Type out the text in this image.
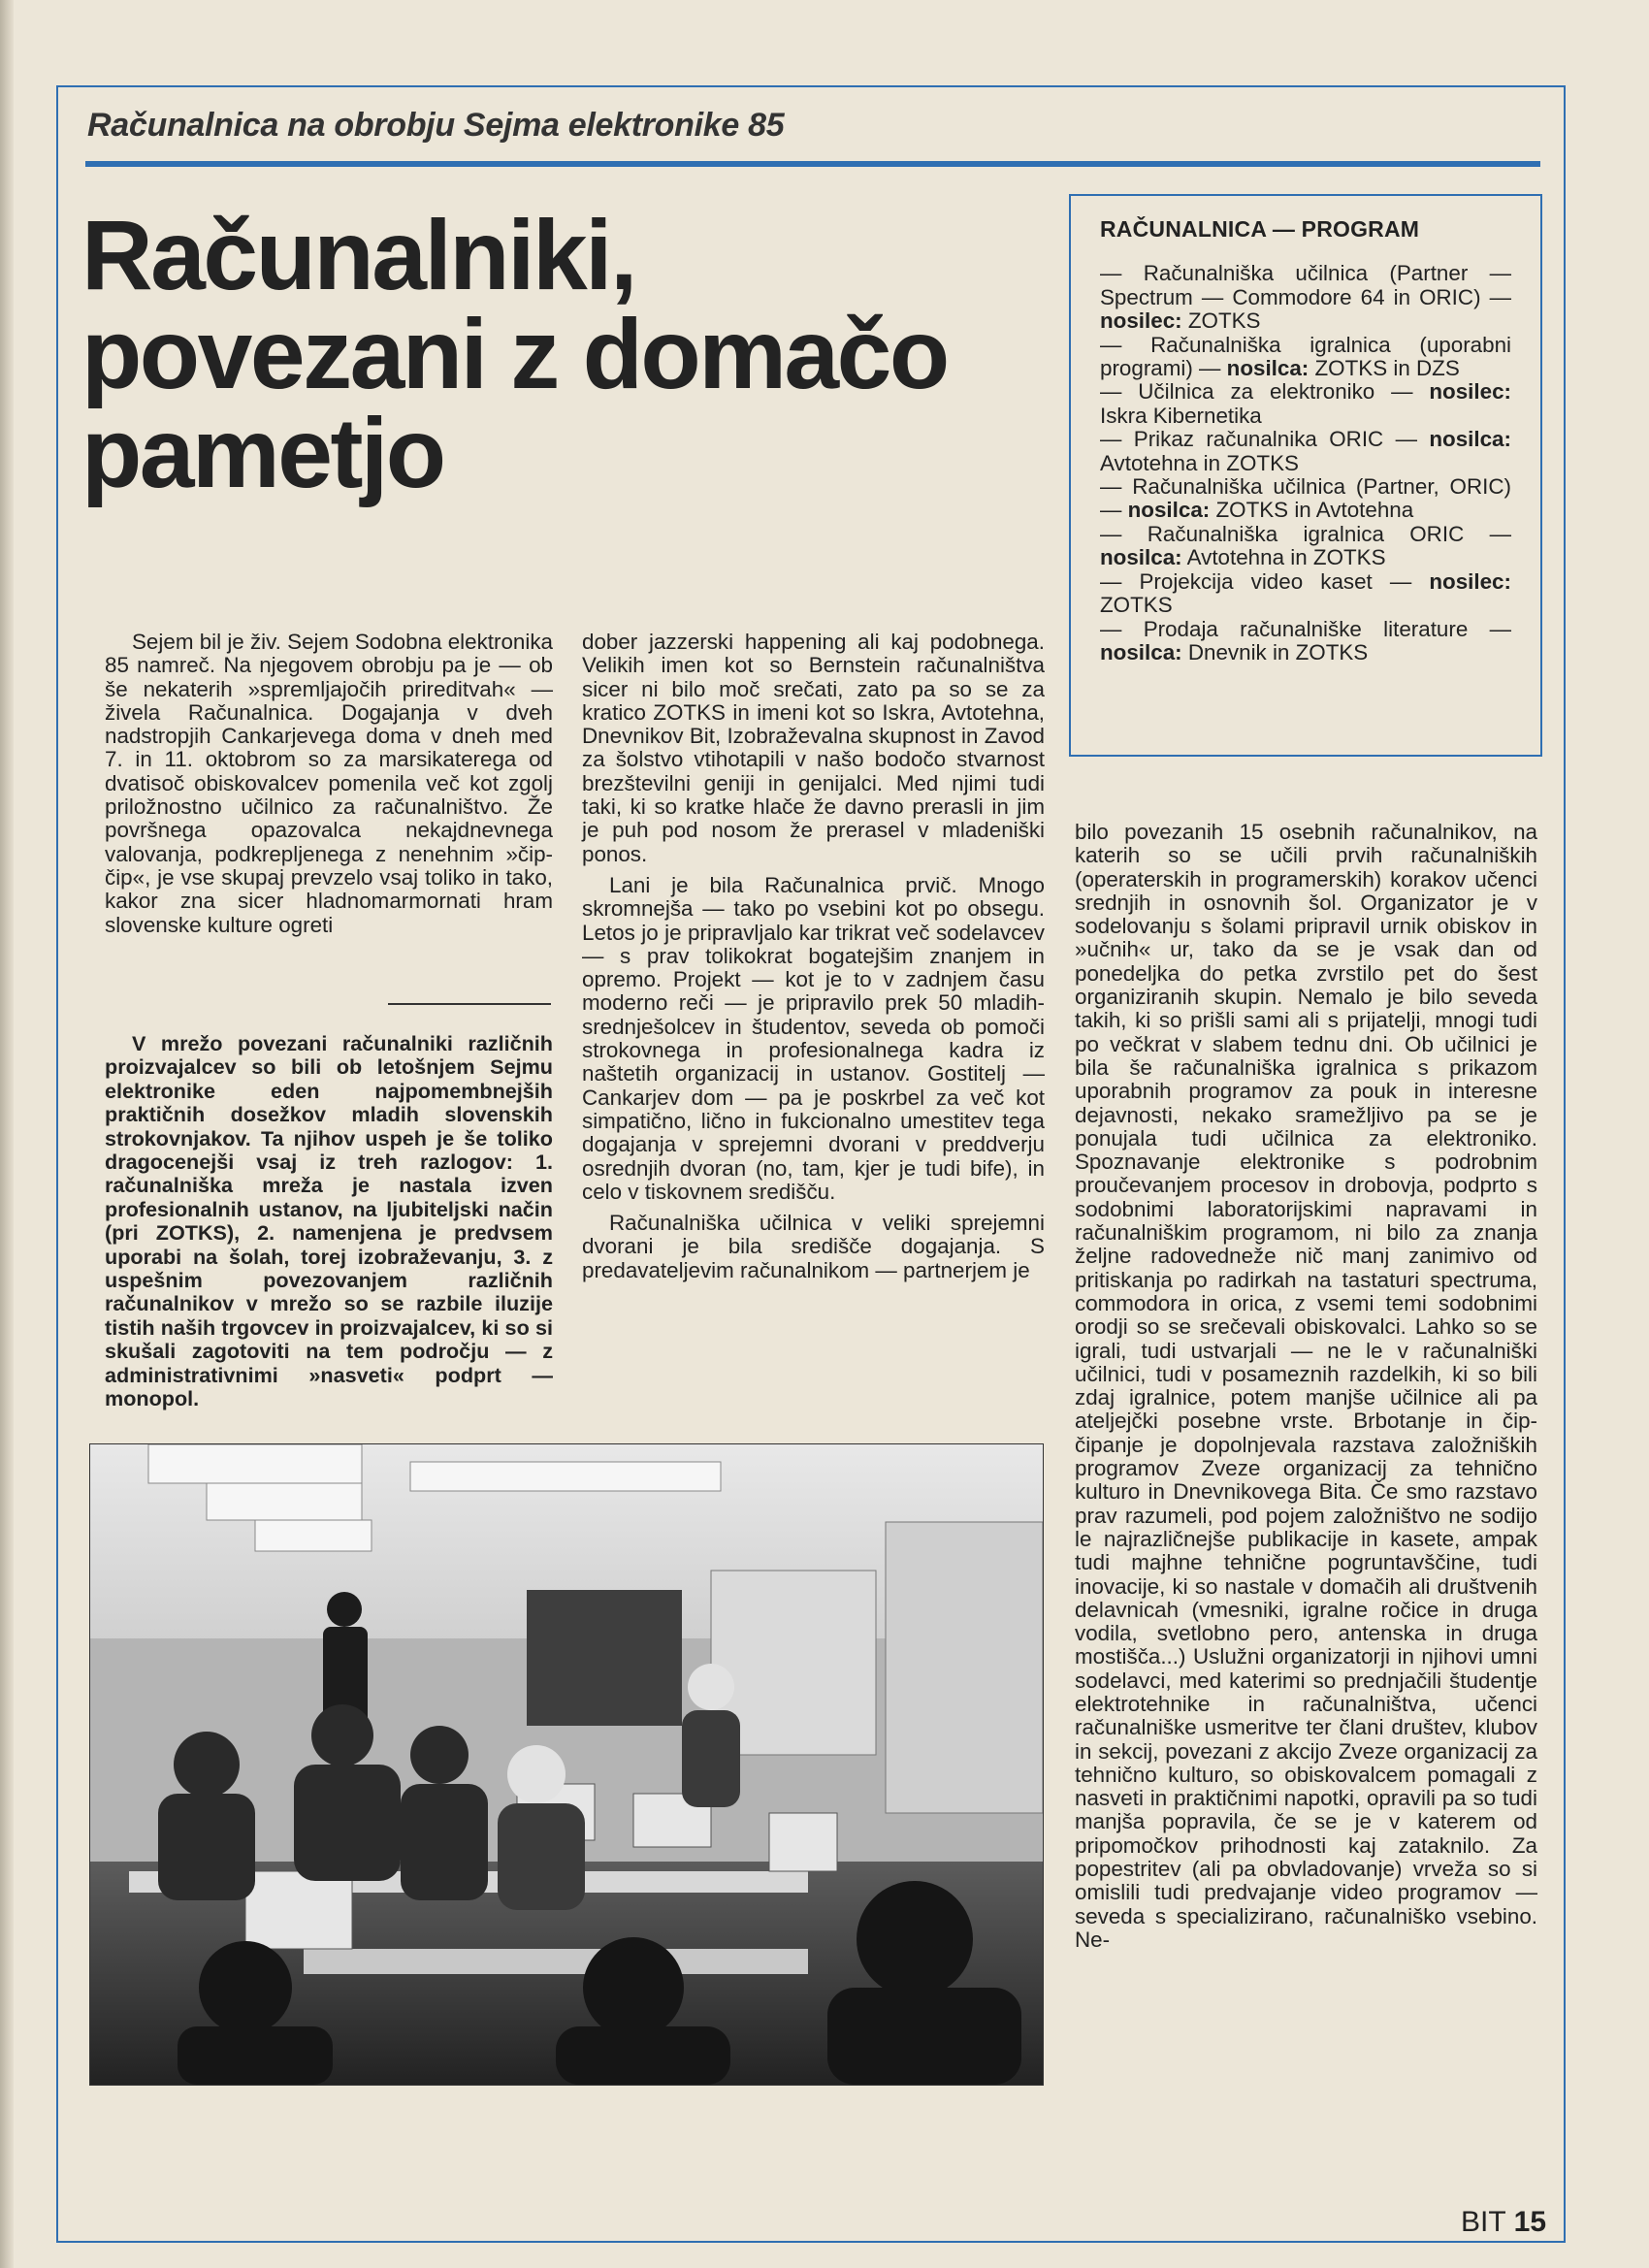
Računalnica na obrobju Sejma elektronike 85
Računalniki,
povezani z domačo
pametjo

Sejem bil je živ. Sejem Sodobna elektronika 85 namreč. Na njegovem obrobju pa je — ob še nekaterih »spremljajočih prireditvah« — živela Računalnica. Dogajanja v dveh nadstropjih Cankarjevega doma v dneh med 7. in 11. oktobrom so za marsikaterega od dvatisoč obiskovalcev pomenila več kot zgolj priložnostno učilnico za računalništvo. Že površnega opazovalca nekajdnevnega valovanja, podkrepljenega z nenehnim »čip-čip«, je vse skupaj prevzelo vsaj toliko in tako, kakor zna sicer hladnomarmornati hram slovenske kulture ogreti

V mrežo povezani računalniki različnih proizvajalcev so bili ob letošnjem Sejmu elektronike eden najpomembnejših praktičnih dosežkov mladih slovenskih strokovnjakov. Ta njihov uspeh je še toliko dragocenejši vsaj iz treh razlogov: 1. računalniška mreža je nastala izven profesionalnih ustanov, na ljubiteljski način (pri ZOTKS), 2. namenjena je predvsem uporabi na šolah, torej izobraževanju, 3. z uspešnim povezovanjem različnih računalnikov v mrežo so se razbile iluzije tistih naših trgovcev in proizvajalcev, ki so si skušali zagotoviti na tem področju — z administrativnimi »nasveti« podprt — monopol.

dober jazzerski happening ali kaj podobnega. Velikih imen kot so Bernstein računalništva sicer ni bilo moč srečati, zato pa so se za kratico ZOTKS in imeni kot so Iskra, Avtotehna, Dnevnikov Bit, Izobraževalna skupnost in Zavod za šolstvo vtihotapili v našo bodočo stvarnost brezštevilni geniji in genijalci. Med njimi tudi taki, ki so kratke hlače že davno prerasli in jim je puh pod nosom že prerasel v mladeniški ponos.

Lani je bila Računalnica prvič. Mnogo skromnejša — tako po vsebini kot po obsegu. Letos jo je pripravljalo kar trikrat več sodelavcev — s prav tolikokrat bogatejšim znanjem in opremo. Projekt — kot je to v zadnjem času moderno reči — je pripravilo prek 50 mladih-srednješolcev in študentov, seveda ob pomoči strokovnega in profesionalnega kadra iz naštetih organizacij in ustanov. Gostitelj — Cankarjev dom — pa je poskrbel za več kot simpatično, lično in fukcionalno umestitev tega dogajanja v sprejemni dvorani v preddverju osrednjih dvoran (no, tam, kjer je tudi bife), in celo v tiskovnem središču.

Računalniška učilnica v veliki sprejemni dvorani je bila središče dogajanja. S predavateljevim računalnikom — partnerjem je

RAČUNALNICA — PROGRAM

— Računalniška učilnica (Partner — Spectrum — Commodore 64 in ORIC) — nosilec: ZOTKS

— Računalniška igralnica (uporabni programi) — nosilca: ZOTKS in DZS

— Učilnica za elektroniko — nosilec: Iskra Kibernetika

— Prikaz računalnika ORIC — nosilca: Avtotehna in ZOTKS

— Računalniška učilnica (Partner, ORIC) — nosilca: ZOTKS in Avtotehna

— Računalniška igralnica ORIC — nosilca: Avtotehna in ZOTKS

— Projekcija video kaset — nosilec: ZOTKS

— Prodaja računalniške literature — nosilca: Dnevnik in ZOTKS

bilo povezanih 15 osebnih računalnikov, na katerih so se učili prvih računalniških (operaterskih in programerskih) korakov učenci srednjih in osnovnih šol. Organizator je v sodelovanju s šolami pripravil urnik obiskov in »učnih« ur, tako da se je vsak dan od ponedeljka do petka zvrstilo pet do šest organiziranih skupin. Nemalo je bilo seveda takih, ki so prišli sami ali s prijatelji, mnogi tudi po večkrat v slabem tednu dni. Ob učilnici je bila še računalniška igralnica s prikazom uporabnih programov za pouk in interesne dejavnosti, nekako sramežljivo pa se je ponujala tudi učilnica za elektroniko. Spoznavanje elektronike s podrobnim proučevanjem procesov in drobovja, podprto s sodobnimi laboratorijskimi napravami in računalniškim programom, ni bilo za znanja željne radovedneže nič manj zanimivo od pritiskanja po radirkah na tastaturi spectruma, commodora in orica, z vsemi temi sodobnimi orodji so se srečevali obiskovalci. Lahko so se igrali, tudi ustvarjali — ne le v računalniški učilnici, tudi v posameznih razdelkih, ki so bili zdaj igralnice, potem manjše učilnice ali pa ateljejčki posebne vrste. Brbotanje in čip-čipanje je dopolnjevala razstava založniških programov Zveze organizacij za tehnično kulturo in Dnevnikovega Bita. Če smo razstavo prav razumeli, pod pojem založništvo ne sodijo le najrazličnejše publikacije in kasete, ampak tudi majhne tehnične pogruntavščine, tudi inovacije, ki so nastale v domačih ali društvenih delavnicah (vmesniki, igralne ročice in druga vodila, svetlobno pero, antenska in druga mostišča...) Uslužni organizatorji in njihovi umni sodelavci, med katerimi so prednjačili študentje elektrotehnike in računalništva, učenci računalniške usmeritve ter člani društev, klubov in sekcij, povezani z akcijo Zveze organizacij za tehnično kulturo, so obiskovalcem pomagali z nasveti in praktičnimi napotki, opravili pa so tudi manjša popravila, če se je v katerem od pripomočkov prihodnosti kaj zataknilo. Za popestritev (ali pa obvladovanje) vrveža so si omislili tudi predvajanje video programov — seveda s specializirano, računalniško vsebino. Ne-

BIT 15
